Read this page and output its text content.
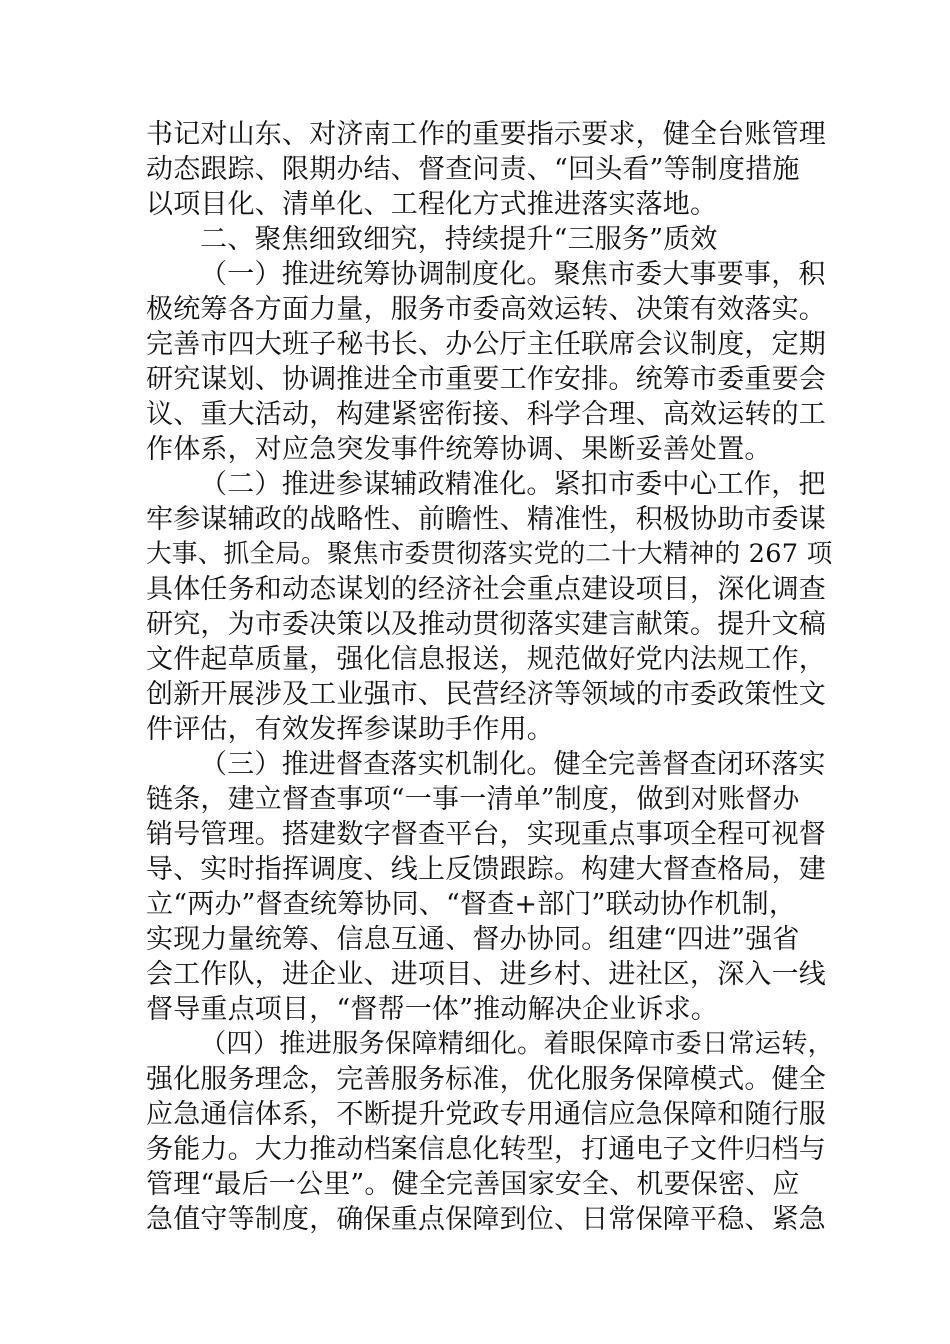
书记对山东、对济南工作的重要指示要求，健全台账管理
动态跟踪、限期办结、督查问责、“回头看”等制度措施
以项目化、清单化、工程化方式推进落实落地。
二、聚焦细致细究，持续提升“三服务”质效
（一）推进统筹协调制度化。聚焦市委大事要事，积
极统筹各方面力量，服务市委高效运转、决策有效落实。
完善市四大班子秘书长、办公厅主任联席会议制度，定期
研究谋划、协调推进全市重要工作安排。统筹市委重要会
议、重大活动，构建紧密衔接、科学合理、高效运转的工
作体系，对应急突发事件统筹协调、果断妥善处置。
（二）推进参谋辅政精准化。紧扣市委中心工作，把
牢参谋辅政的战略性、前瞻性、精准性，积极协助市委谋
大事、抓全局。聚焦市委贯彻落实党的二十大精神的 267 项
具体任务和动态谋划的经济社会重点建设项目，深化调查
研究，为市委决策以及推动贯彻落实建言献策。提升文稿
文件起草质量，强化信息报送，规范做好党内法规工作，
创新开展涉及工业强市、民营经济等领域的市委政策性文
件评估，有效发挥参谋助手作用。
（三）推进督查落实机制化。健全完善督查闭环落实
链条，建立督查事项“一事一清单”制度，做到对账督办
销号管理。搭建数字督查平台，实现重点事项全程可视督
导、实时指挥调度、线上反馈跟踪。构建大督查格局，建
立“两办”督查统筹协同、“督查+部门”联动协作机制，
实现力量统筹、信息互通、督办协同。组建“四进”强省
会工作队，进企业、进项目、进乡村、进社区，深入一线
督导重点项目，“督帮一体”推动解决企业诉求。
（四）推进服务保障精细化。着眼保障市委日常运转，
强化服务理念，完善服务标准，优化服务保障模式。健全
应急通信体系，不断提升党政专用通信应急保障和随行服
务能力。大力推动档案信息化转型，打通电子文件归档与
管理“最后一公里”。健全完善国家安全、机要保密、应
急值守等制度，确保重点保障到位、日常保障平稳、紧急
